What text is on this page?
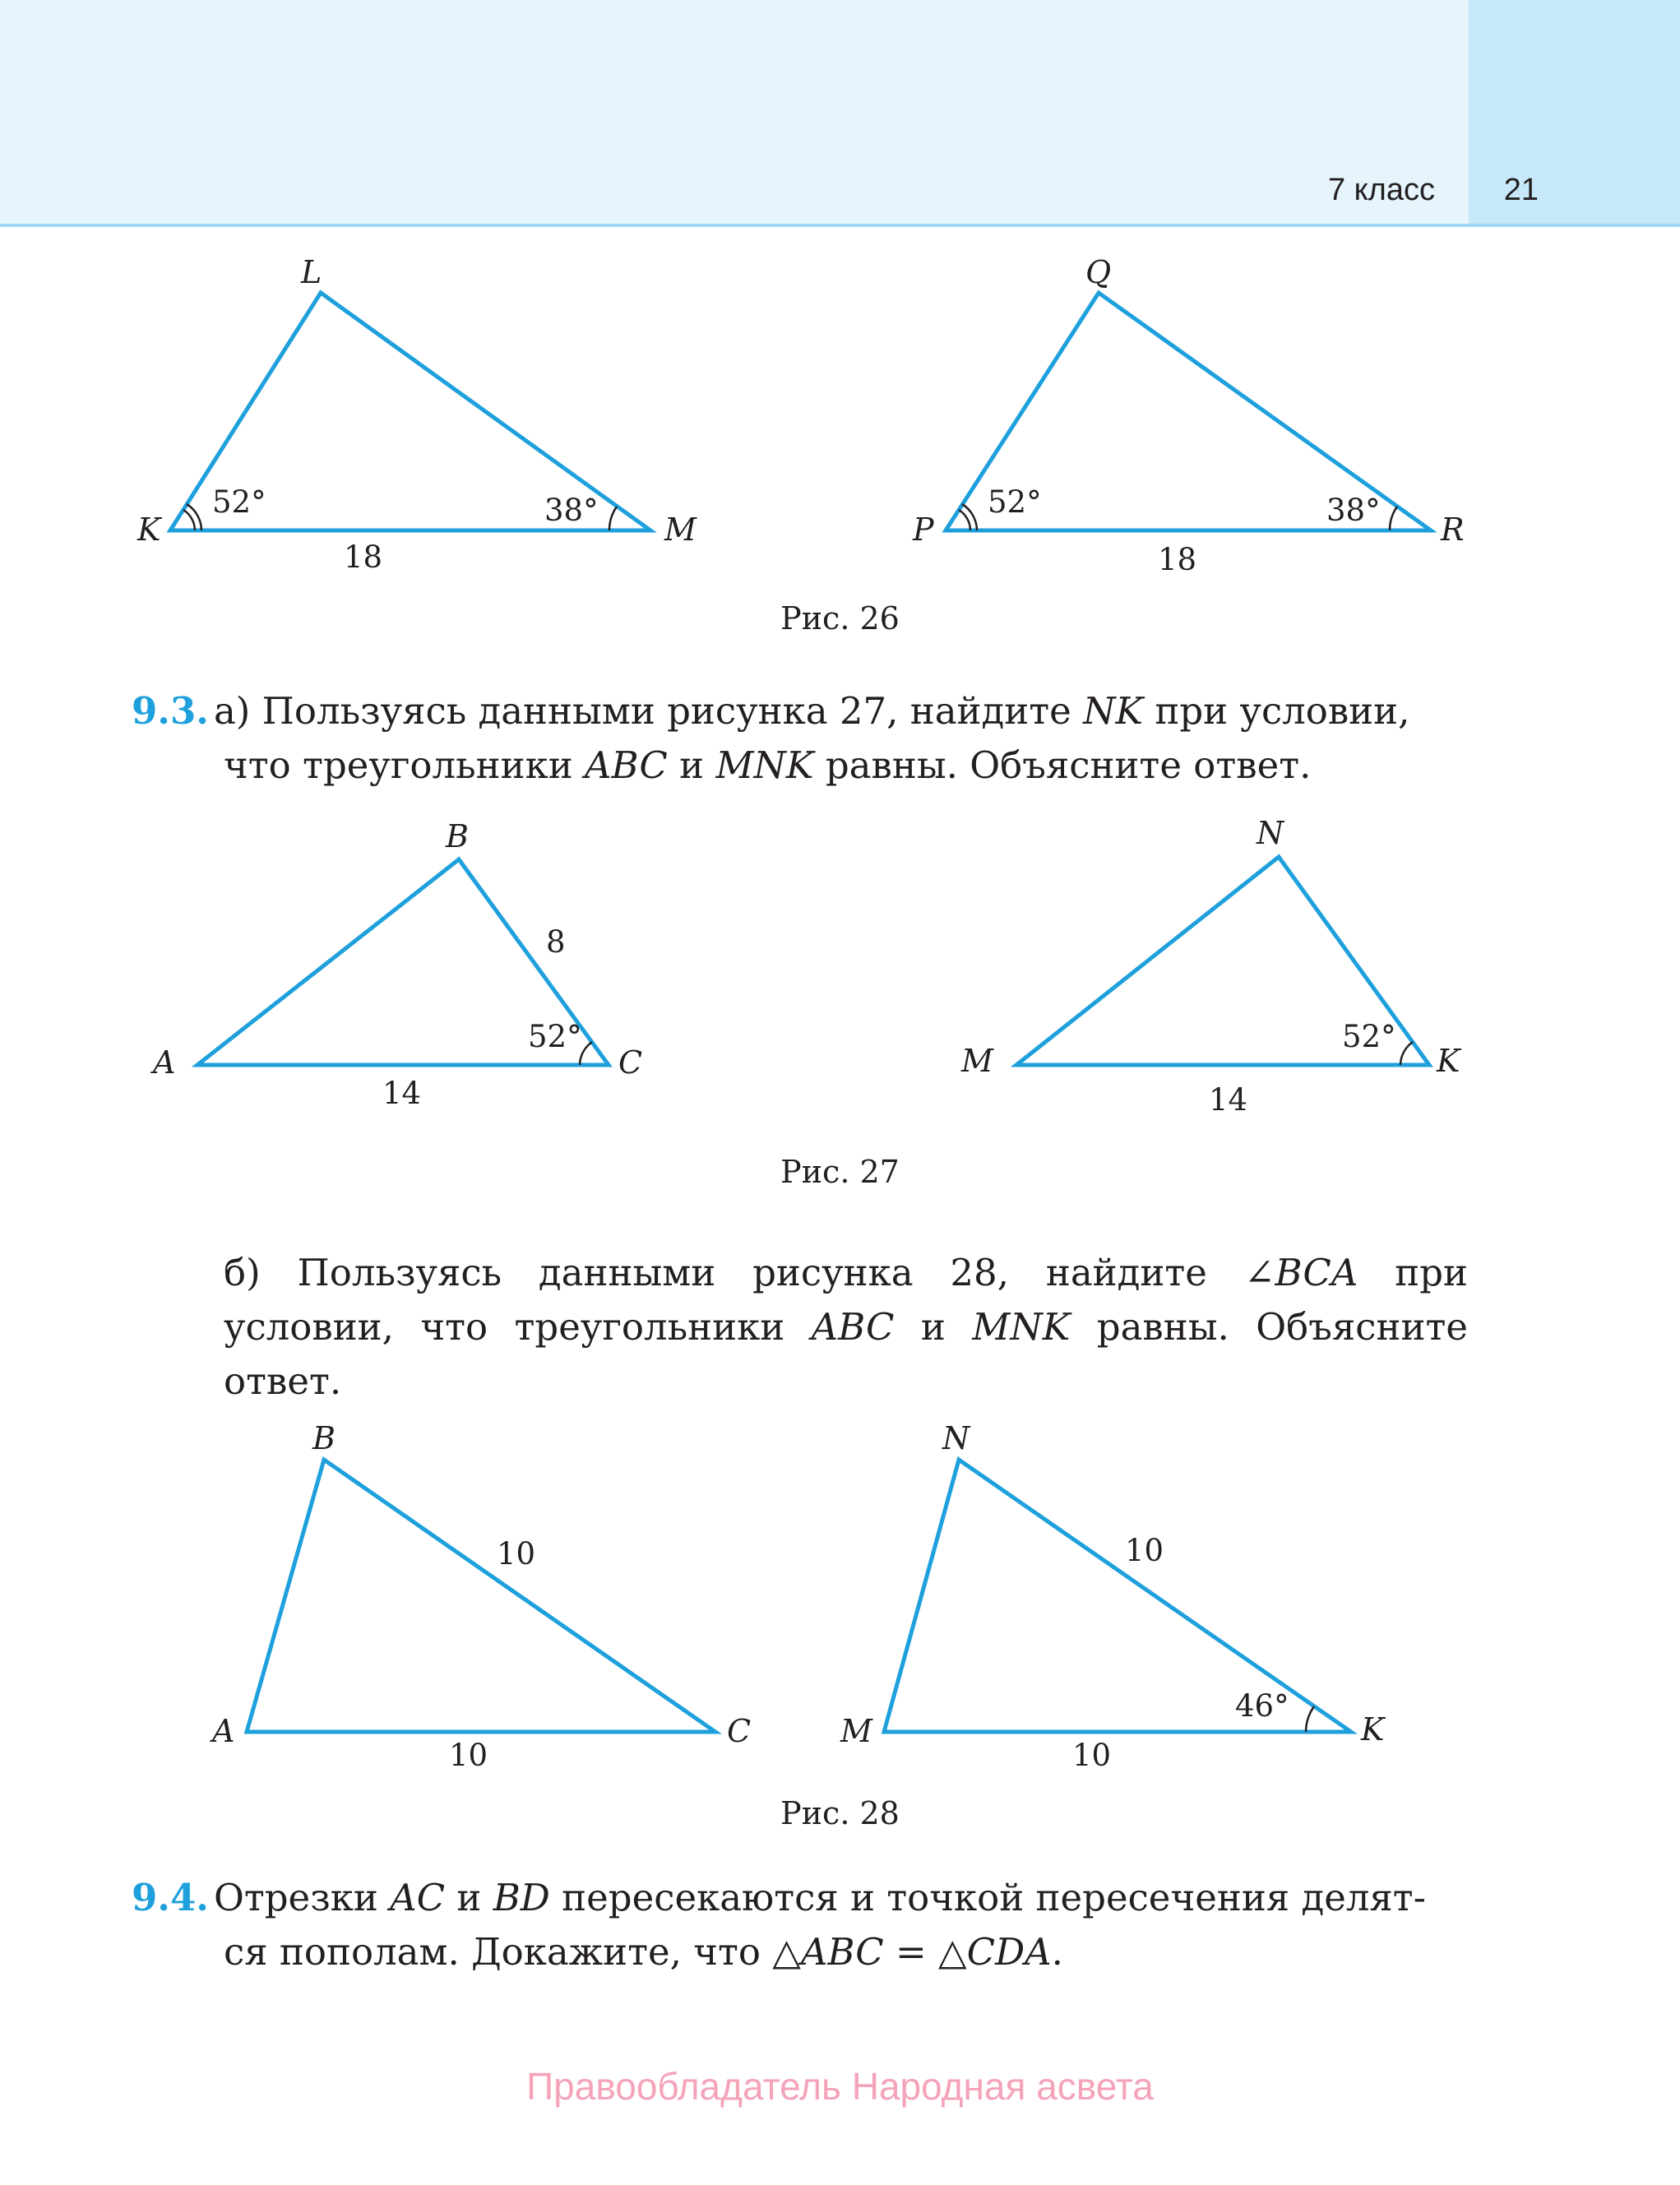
7 класс	21
K
L
M
52°	38°
18
P
Q
R
52°	38°
18
Рис. 26

9.3. а) Пользуясь данными рисунка 27, найдите NK при условии,

что треугольники ABC и MNK равны. Объясните ответ.

A
B
C
8
52°
14
M
N
K
52°
14
Рис. 27

б) Пользуясь данными рисунка 28, найдите ∠BCA при

условии, что треугольники ABC и MNK равны. Объясните

ответ.

A
B
C
10
10
M
N
K
10
46°
10
Рис. 28

9.4. Отрезки AC и BD пересекаются и точкой пересечения делят-

ся пополам. Докажите, что △ABC = △CDA.

Правообладатель Народная асвета
